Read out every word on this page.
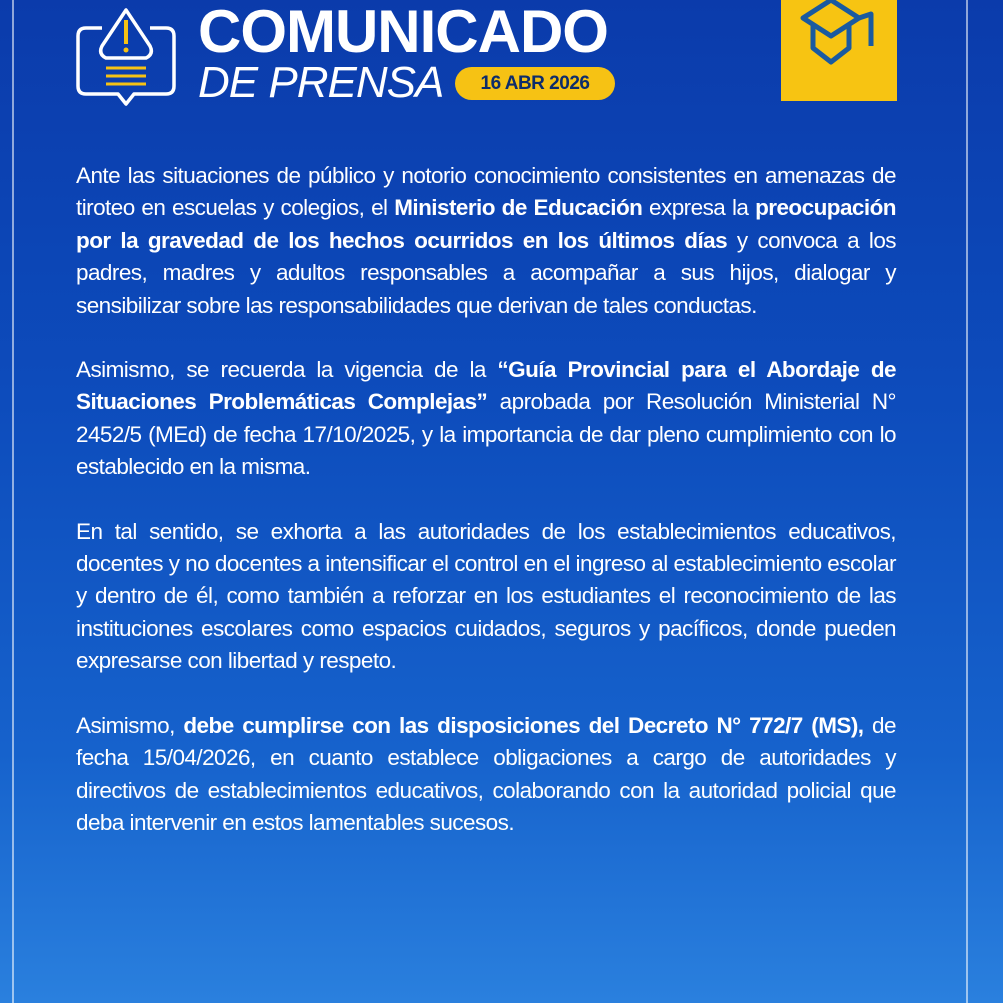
COMUNICADO
DE PRENSA	16 ABR 2026

Ante las situaciones de público y notorio conocimiento consistentes en amenazas de tiroteo en escuelas y colegios, el Ministerio de Educación expresa la preocupación por la gravedad de los hechos ocurridos en los últimos días y convoca a los padres, madres y adultos responsables a acompañar a sus hijos, dialogar y sensibilizar sobre las responsabilidades que derivan de tales conductas.

Asimismo, se recuerda la vigencia de la “Guía Provincial para el Abordaje de Situaciones Problemáticas Complejas” aprobada por Resolución Ministerial N° 2452/5 (MEd) de fecha 17/10/2025, y la importancia de dar pleno cumplimiento con lo establecido en la misma.

En tal sentido, se exhorta a las autoridades de los establecimientos educativos, docentes y no docentes a intensificar el control en el ingreso al establecimiento escolar y dentro de él, como también a reforzar en los estudiantes el reconocimiento de las instituciones escolares como espacios cuidados, seguros y pacíficos, donde pueden expresarse con libertad y respeto.

Asimismo, debe cumplirse con las disposiciones del Decreto N° 772/7 (MS), de fecha 15/04/2026, en cuanto establece obligaciones a cargo de autoridades y directivos de establecimientos educativos, colaborando con la autoridad policial que deba intervenir en estos lamentables sucesos.
